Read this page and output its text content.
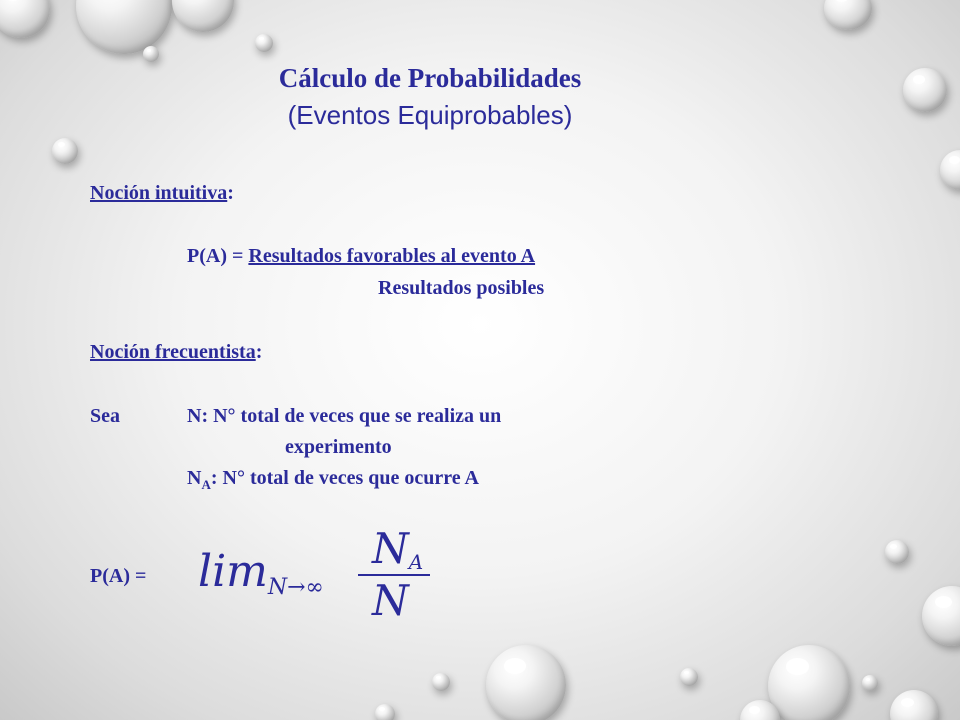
Cálculo de Probabilidades
(Eventos Equiprobables)
Noción intuitiva:
P(A) = Resultados favorables al evento A
Resultados posibles
Noción frecuentista:
Sea	N: N° total de veces que se realiza un
experimento
$N_A$: N° total de veces que ocurre A
P(A) = limN→∞
NA
N
